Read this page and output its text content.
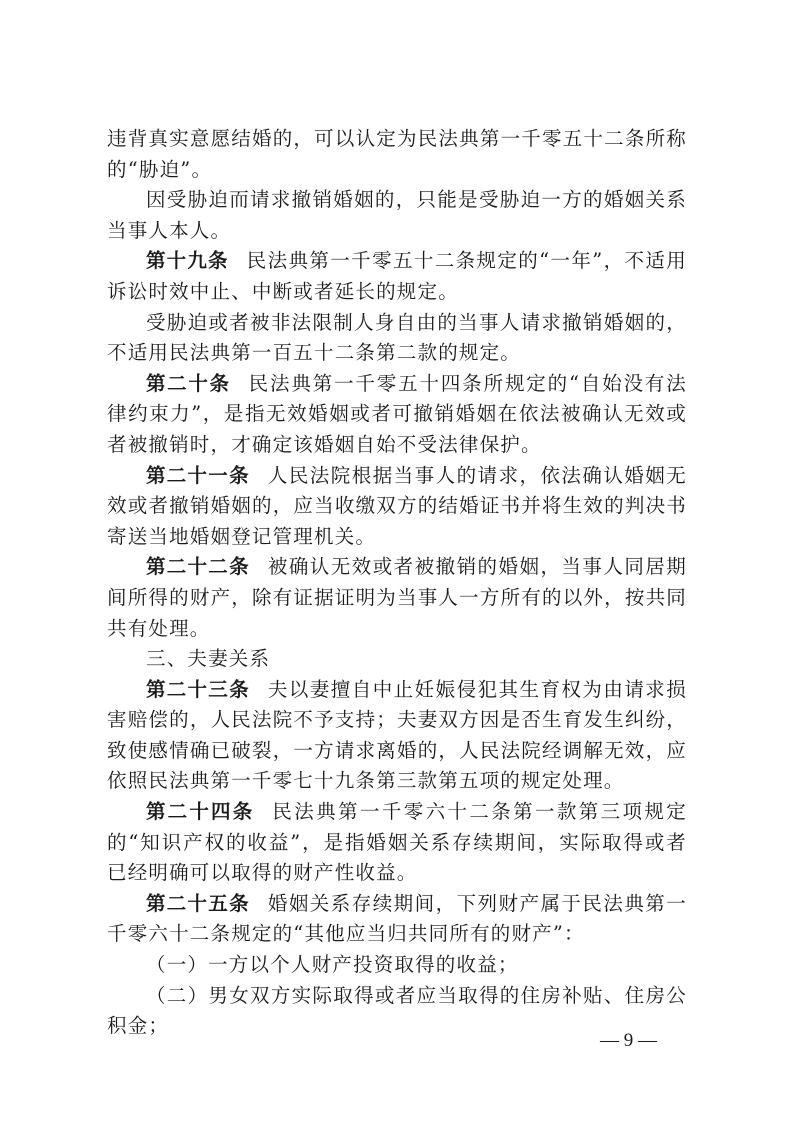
违背真实意愿结婚的，可以认定为民法典第一千零五十二条所称的“胁迫”。

因受胁迫而请求撤销婚姻的，只能是受胁迫一方的婚姻关系当事人本人。

第十九条 民法典第一千零五十二条规定的“一年”，不适用诉讼时效中止、中断或者延长的规定。

受胁迫或者被非法限制人身自由的当事人请求撤销婚姻的，不适用民法典第一百五十二条第二款的规定。

第二十条 民法典第一千零五十四条所规定的“自始没有法律约束力”，是指无效婚姻或者可撤销婚姻在依法被确认无效或者被撤销时，才确定该婚姻自始不受法律保护。

第二十一条 人民法院根据当事人的请求，依法确认婚姻无效或者撤销婚姻的，应当收缴双方的结婚证书并将生效的判决书寄送当地婚姻登记管理机关。

第二十二条 被确认无效或者被撤销的婚姻，当事人同居期间所得的财产，除有证据证明为当事人一方所有的以外，按共同共有处理。

三、夫妻关系

第二十三条 夫以妻擅自中止妊娠侵犯其生育权为由请求损害赔偿的，人民法院不予支持；夫妻双方因是否生育发生纠纷，致使感情确已破裂，一方请求离婚的，人民法院经调解无效，应依照民法典第一千零七十九条第三款第五项的规定处理。

第二十四条 民法典第一千零六十二条第一款第三项规定的“知识产权的收益”，是指婚姻关系存续期间，实际取得或者已经明确可以取得的财产性收益。

第二十五条 婚姻关系存续期间，下列财产属于民法典第一千零六十二条规定的“其他应当归共同所有的财产”：

（一）一方以个人财产投资取得的收益；

（二）男女双方实际取得或者应当取得的住房补贴、住房公积金；

— 9 —
